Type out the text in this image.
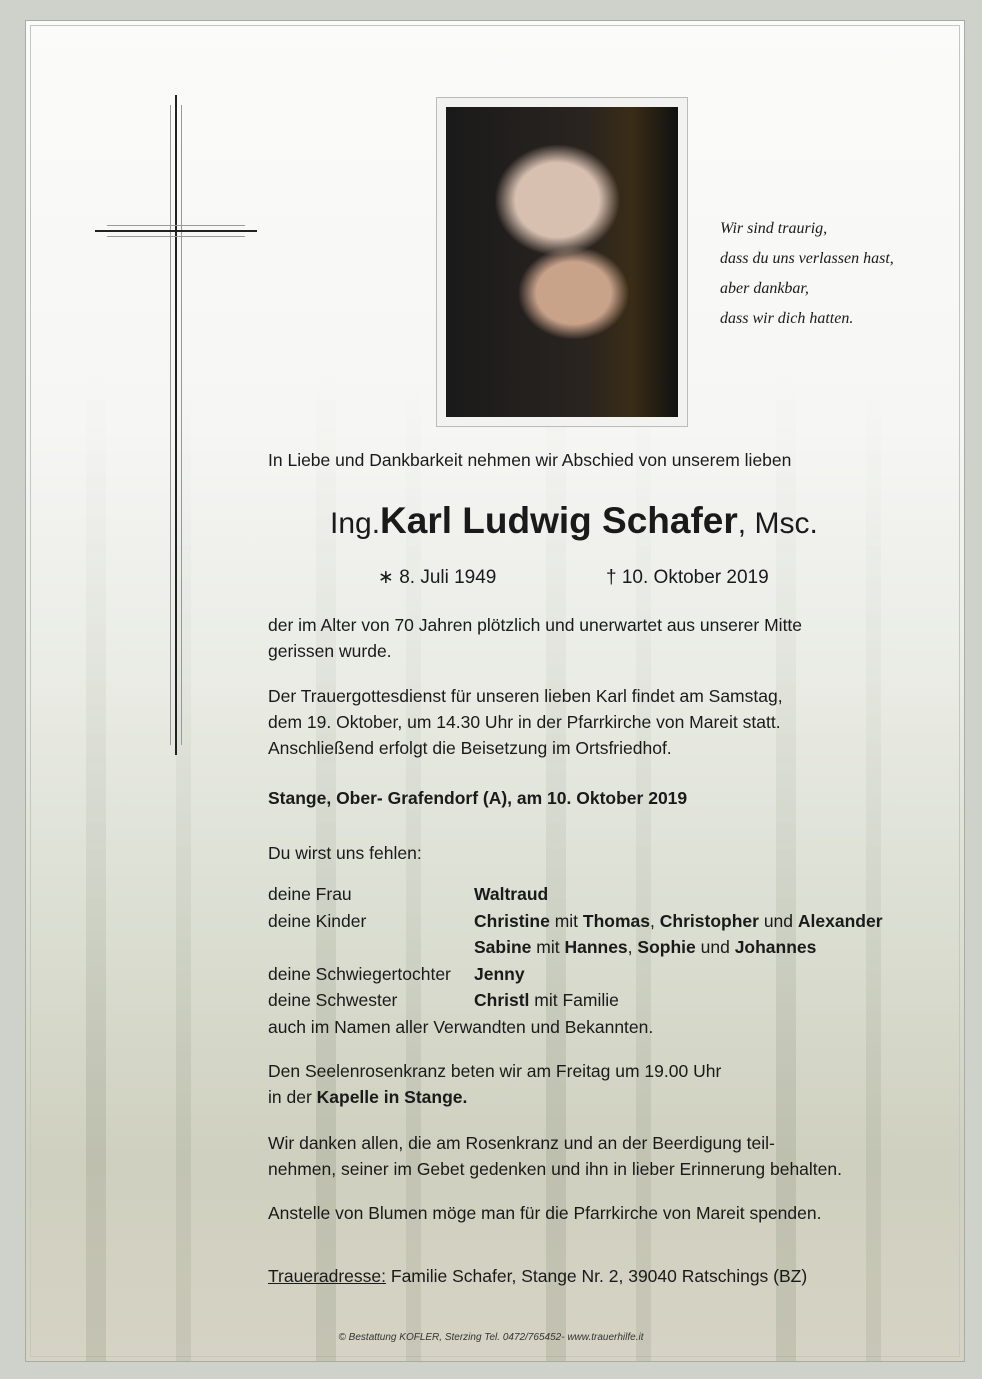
Wir sind traurig,
dass du uns verlassen hast,
aber dankbar,
dass wir dich hatten.
In Liebe und Dankbarkeit nehmen wir Abschied von unserem lieben
Ing.Karl Ludwig Schafer, Msc.
∗ 8. Juli 1949	† 10. Oktober 2019
der im Alter von 70 Jahren plötzlich und unerwartet aus unserer Mitte
gerissen wurde.
Der Trauergottesdienst für unseren lieben Karl findet am Samstag,
dem 19. Oktober, um 14.30 Uhr in der Pfarrkirche von Mareit statt.
Anschließend erfolgt die Beisetzung im Ortsfriedhof.
Stange, Ober- Grafendorf (A), am 10. Oktober 2019
Du wirst uns fehlen:
deine Frau	Waltraud
deine Kinder	Christine mit Thomas, Christopher und Alexander
Sabine mit Hannes, Sophie und Johannes
deine Schwiegertochter Jenny
deine Schwester	Christl mit Familie
auch im Namen aller Verwandten und Bekannten.
Den Seelenrosenkranz beten wir am Freitag um 19.00 Uhr
in der Kapelle in Stange.
Wir danken allen, die am Rosenkranz und an der Beerdigung teil-
nehmen, seiner im Gebet gedenken und ihn in lieber Erinnerung behalten.
Anstelle von Blumen möge man für die Pfarrkirche von Mareit spenden.
Traueradresse: Familie Schafer, Stange Nr. 2, 39040 Ratschings (BZ)
© Bestattung KOFLER, Sterzing Tel. 0472/765452- www.trauerhilfe.it
